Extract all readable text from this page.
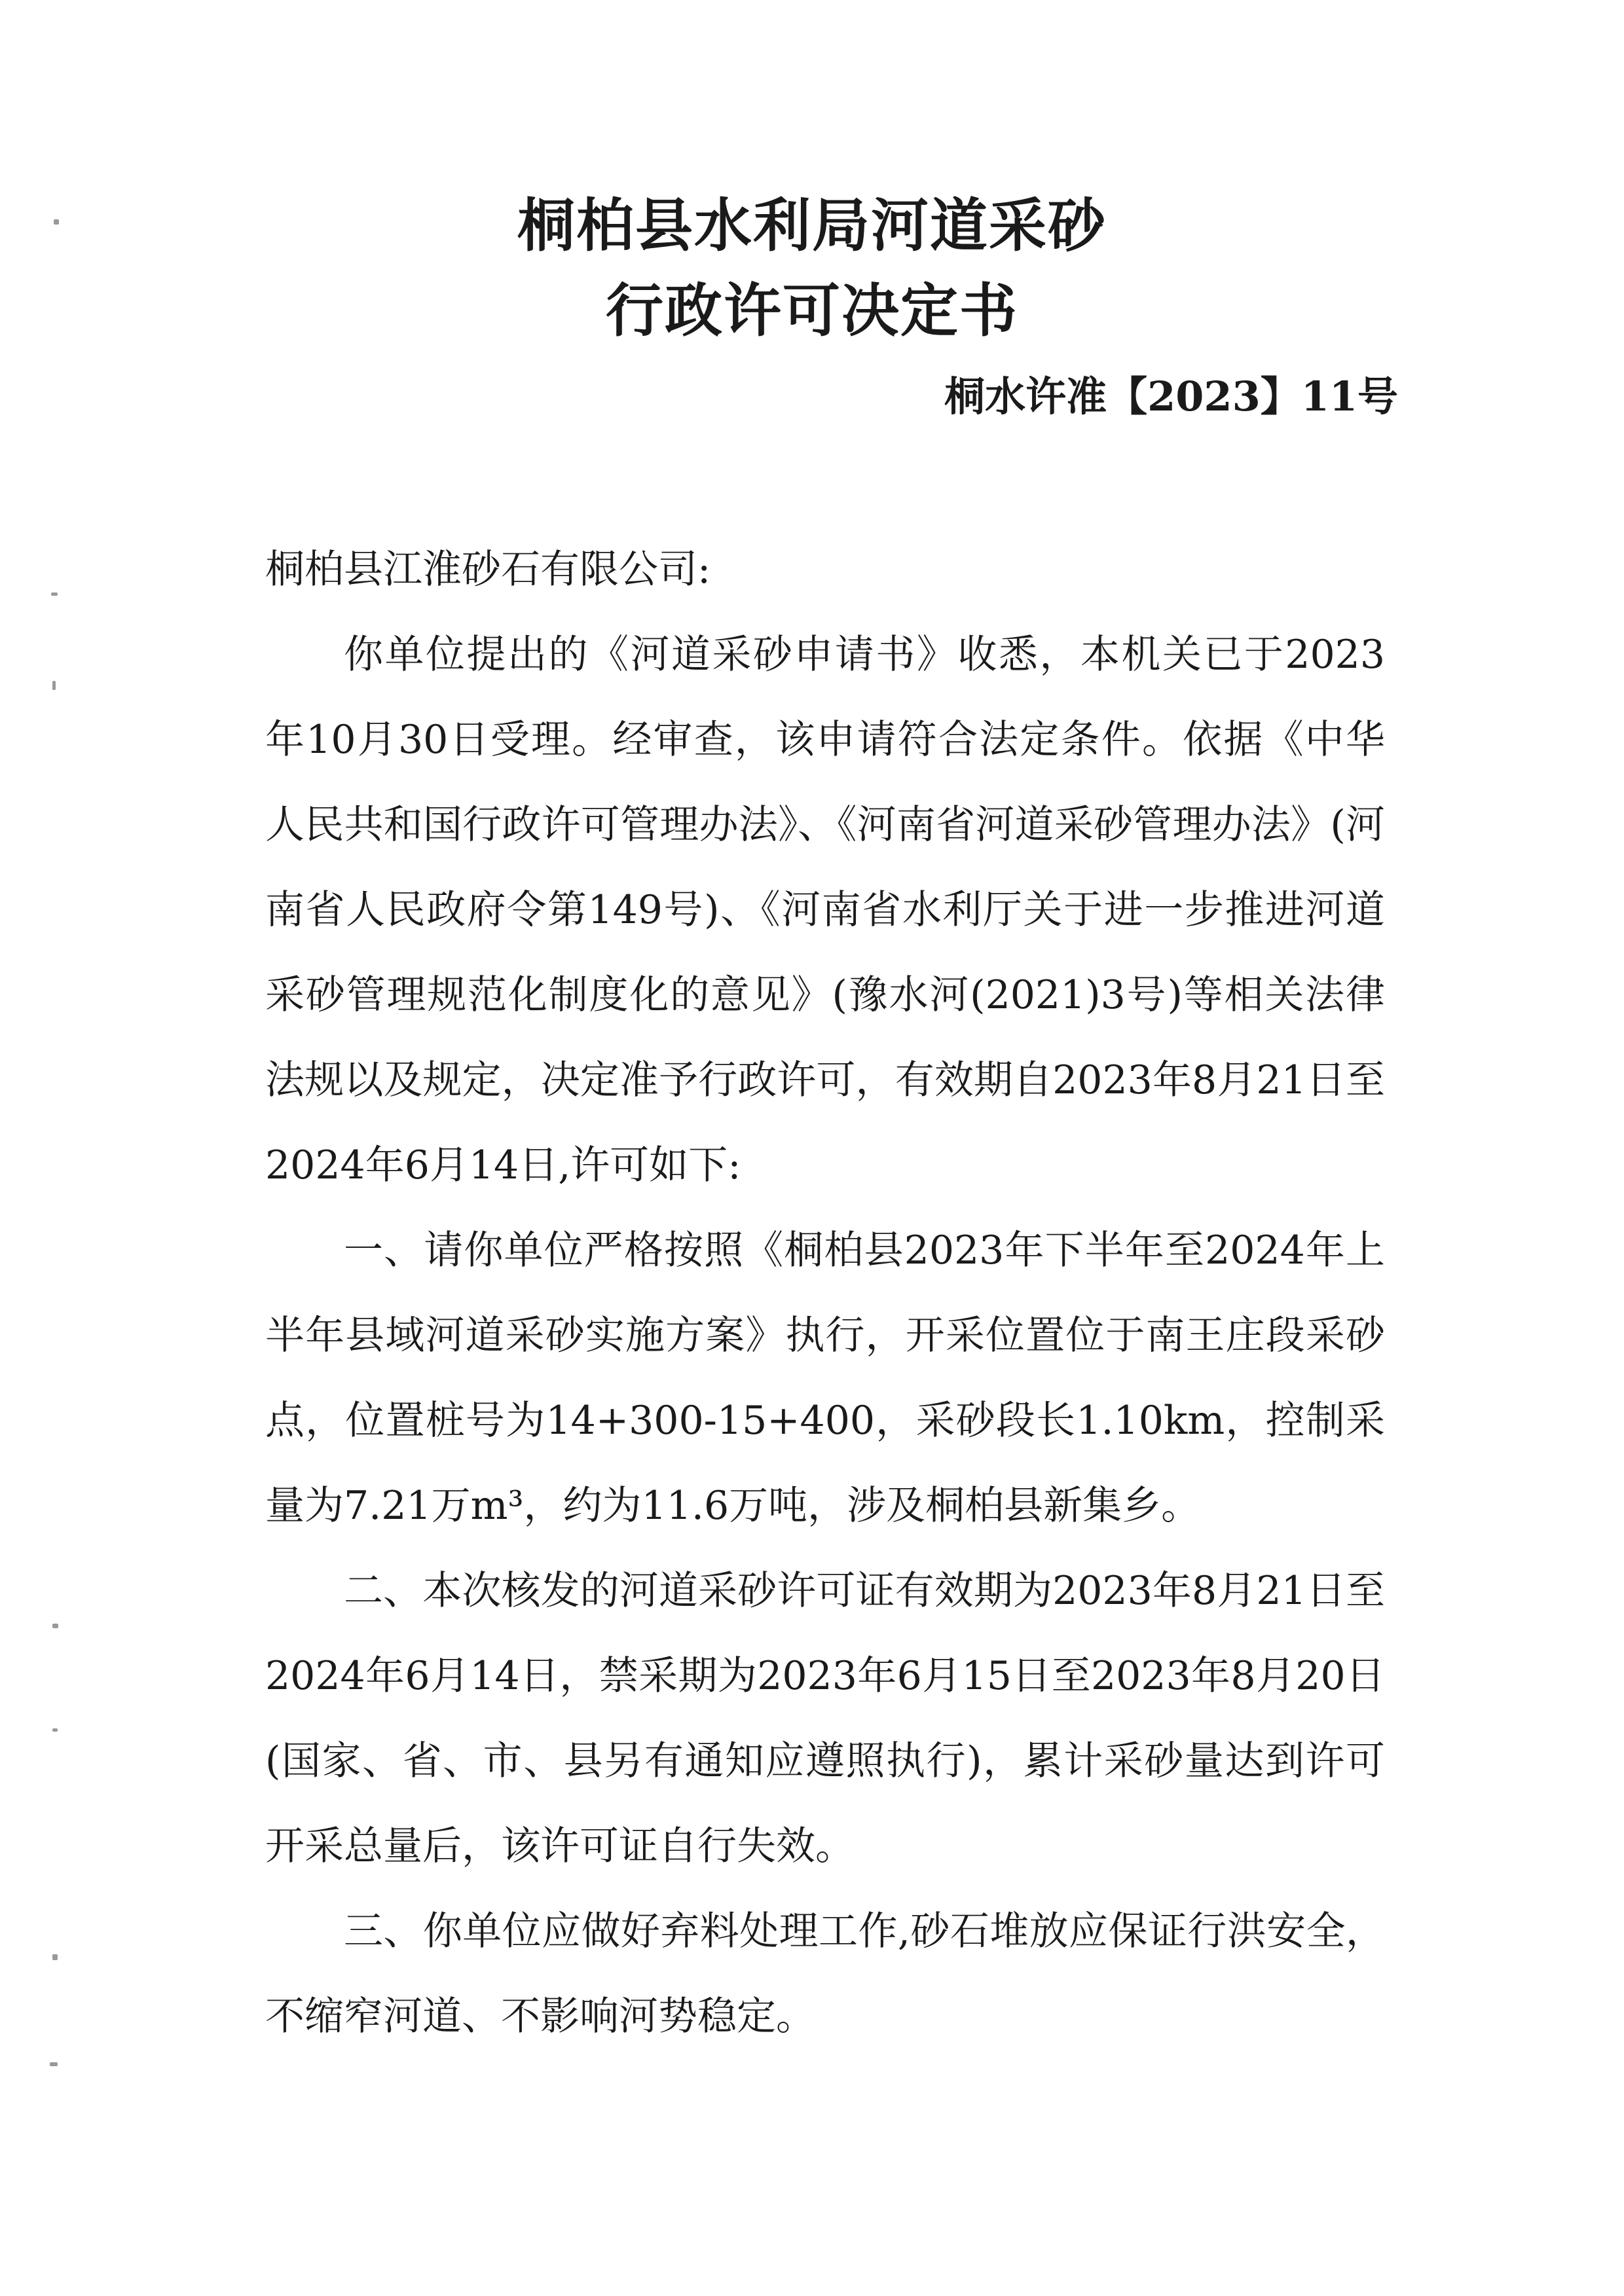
桐柏县水利局河道采砂
行政许可决定书
桐水许准【2023】11号

桐柏县江淮砂石有限公司:

你单位提出的《河道采砂申请书》收悉，本机关已于2023年10月30日受理。经审查，该申请符合法定条件。依据《中华人民共和国行政许可管理办法》、《河南省河道采砂管理办法》(河南省人民政府令第149号)、《河南省水利厅关于进一步推进河道采砂管理规范化制度化的意见》(豫水河(2021)3号)等相关法律法规以及规定，决定准予行政许可，有效期自2023年8月21日至2024年6月14日,许可如下:

一、请你单位严格按照《桐柏县2023年下半年至2024年上半年县域河道采砂实施方案》执行，开采位置位于南王庄段采砂点，位置桩号为14+300-15+400，采砂段长1.10km，控制采量为7.21万m³，约为11.6万吨，涉及桐柏县新集乡。

二、本次核发的河道采砂许可证有效期为2023年8月21日至2024年6月14日，禁采期为2023年6月15日至2023年8月20日(国家、省、市、县另有通知应遵照执行)，累计采砂量达到许可开采总量后，该许可证自行失效。

三、你单位应做好弃料处理工作,砂石堆放应保证行洪安全，不缩窄河道、不影响河势稳定。
